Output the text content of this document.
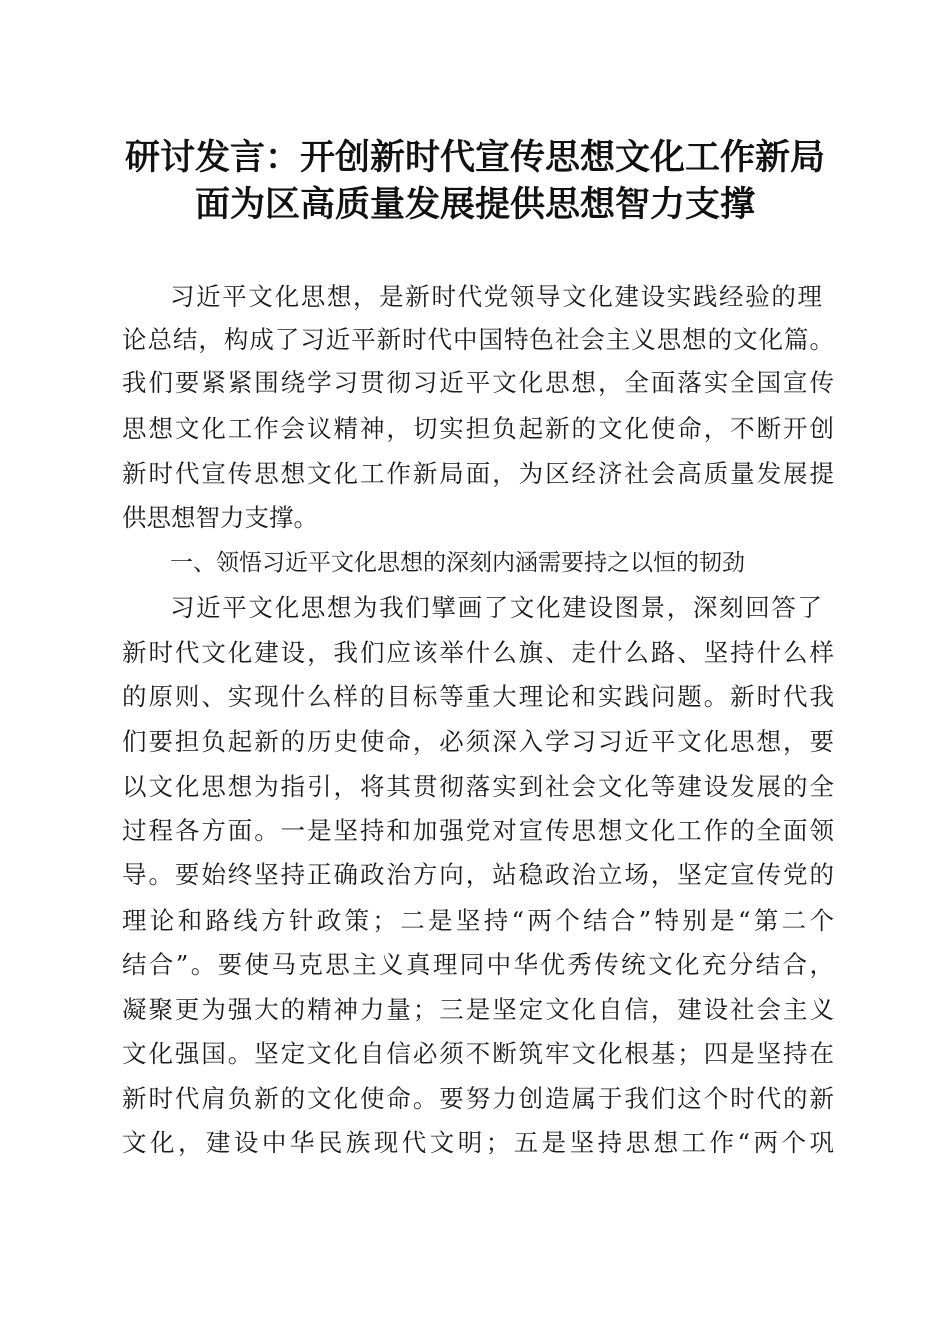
研讨发言：开创新时代宣传思想文化工作新局
面为区高质量发展提供思想智力支撑
习近平文化思想，是新时代党领导文化建设实践经验的理
论总结，构成了习近平新时代中国特色社会主义思想的文化篇。
我们要紧紧围绕学习贯彻习近平文化思想，全面落实全国宣传
思想文化工作会议精神，切实担负起新的文化使命，不断开创
新时代宣传思想文化工作新局面，为区经济社会高质量发展提
供思想智力支撑。
一、领悟习近平文化思想的深刻内涵需要持之以恒的韧劲
习近平文化思想为我们擘画了文化建设图景，深刻回答了
新时代文化建设，我们应该举什么旗、走什么路、坚持什么样
的原则、实现什么样的目标等重大理论和实践问题。新时代我
们要担负起新的历史使命，必须深入学习习近平文化思想，要
以文化思想为指引，将其贯彻落实到社会文化等建设发展的全
过程各方面。一是坚持和加强党对宣传思想文化工作的全面领
导。要始终坚持正确政治方向，站稳政治立场，坚定宣传党的
理论和路线方针政策；二是坚持“两个结合”特别是“第二个
结合”。要使马克思主义真理同中华优秀传统文化充分结合，
凝聚更为强大的精神力量；三是坚定文化自信，建设社会主义
文化强国。坚定文化自信必须不断筑牢文化根基；四是坚持在
新时代肩负新的文化使命。要努力创造属于我们这个时代的新
文化，建设中华民族现代文明；五是坚持思想工作“两个巩
